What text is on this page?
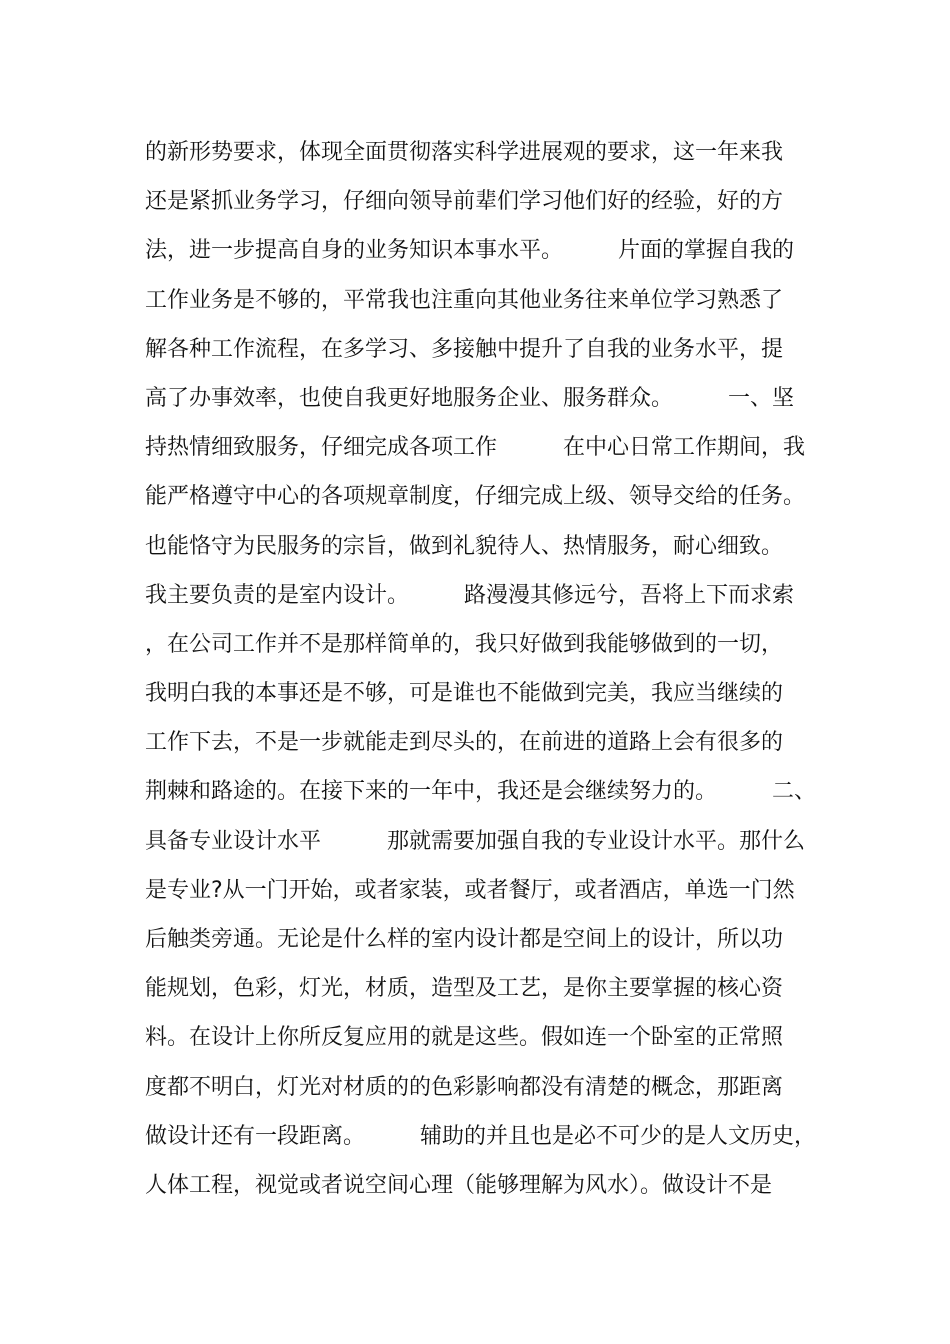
的新形势要求，体现全面贯彻落实科学进展观的要求，这一年来我
还是紧抓业务学习，仔细向领导前辈们学习他们好的经验，好的方
法，进一步提高自身的业务知识本事水平。　　　片面的掌握自我的
工作业务是不够的，平常我也注重向其他业务往来单位学习熟悉了
解各种工作流程，在多学习、多接触中提升了自我的业务水平，提
高了办事效率，也使自我更好地服务企业、服务群众。　　　一、坚
持热情细致服务，仔细完成各项工作　　　在中心日常工作期间，我
能严格遵守中心的各项规章制度，仔细完成上级、领导交给的任务。
也能恪守为民服务的宗旨，做到礼貌待人、热情服务，耐心细致。
我主要负责的是室内设计。　　　路漫漫其修远兮，吾将上下而求索
，在公司工作并不是那样简单的，我只好做到我能够做到的一切，
我明白我的本事还是不够，可是谁也不能做到完美，我应当继续的
工作下去，不是一步就能走到尽头的，在前进的道路上会有很多的
荆棘和路途的。在接下来的一年中，我还是会继续努力的。　　　二、
具备专业设计水平　　　那就需要加强自我的专业设计水平。那什么
是专业?从一门开始，或者家装，或者餐厅，或者酒店，单选一门然
后触类旁通。无论是什么样的室内设计都是空间上的设计，所以功
能规划，色彩，灯光，材质，造型及工艺，是你主要掌握的核心资
料。在设计上你所反复应用的就是这些。假如连一个卧室的正常照
度都不明白，灯光对材质的的色彩影响都没有清楚的概念，那距离
做设计还有一段距离。　　　辅助的并且也是必不可少的是人文历史，
人体工程，视觉或者说空间心理（能够理解为风水）。做设计不是
